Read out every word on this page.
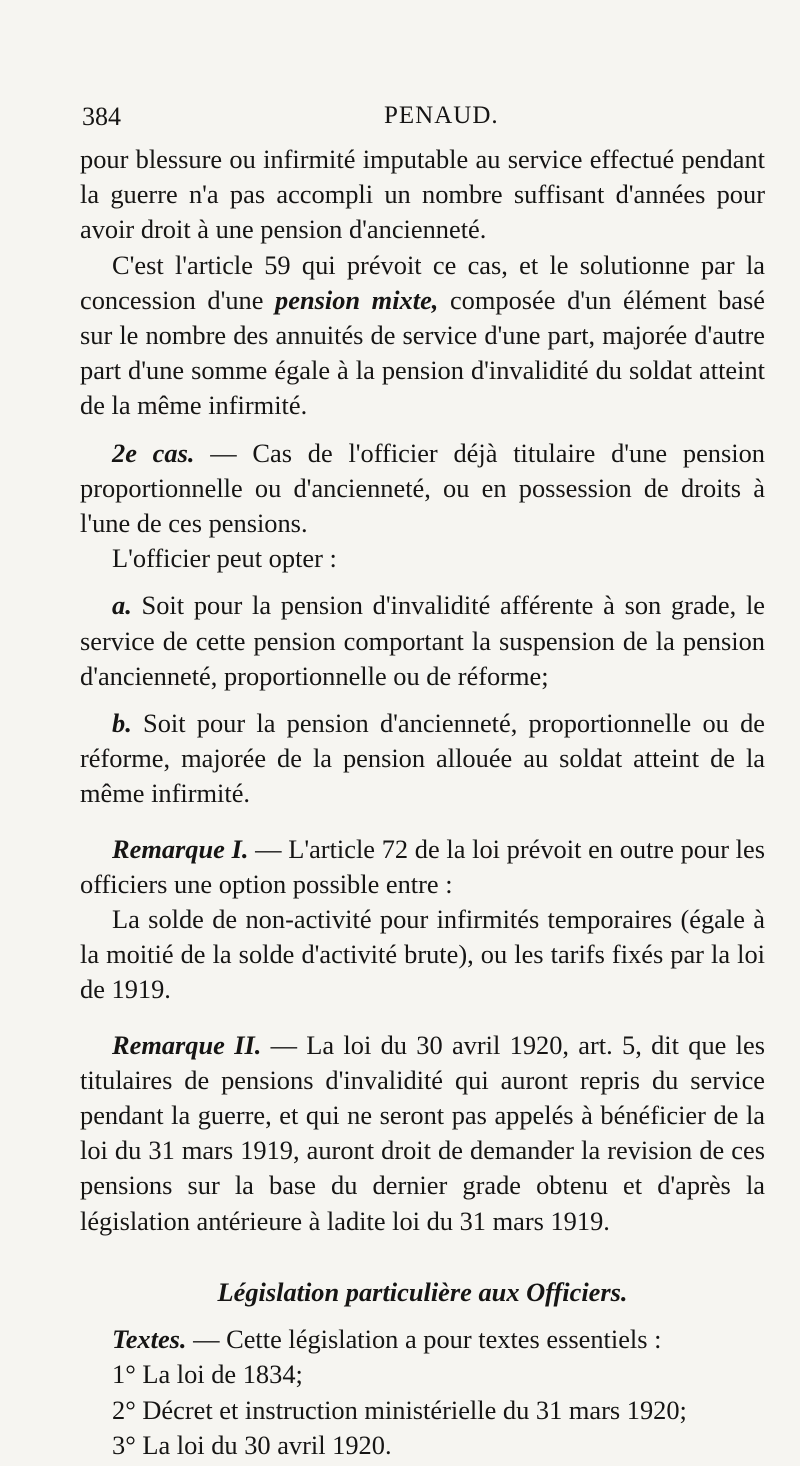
384	PENAUD.

pour blessure ou infirmité imputable au service effectué pendant la guerre n'a pas accompli un nombre suffisant d'années pour avoir droit à une pension d'ancienneté.

C'est l'article 59 qui prévoit ce cas, et le solutionne par la concession d'une pension mixte, composée d'un élément basé sur le nombre des annuités de service d'une part, majorée d'autre part d'une somme égale à la pension d'invalidité du soldat atteint de la même infirmité.

2e cas. — Cas de l'officier déjà titulaire d'une pension proportionnelle ou d'ancienneté, ou en possession de droits à l'une de ces pensions.

L'officier peut opter :

a. Soit pour la pension d'invalidité afférente à son grade, le service de cette pension comportant la suspension de la pension d'ancienneté, proportionnelle ou de réforme;

b. Soit pour la pension d'ancienneté, proportionnelle ou de réforme, majorée de la pension allouée au soldat atteint de la même infirmité.

Remarque I. — L'article 72 de la loi prévoit en outre pour les officiers une option possible entre :

La solde de non-activité pour infirmités temporaires (égale à la moitié de la solde d'activité brute), ou les tarifs fixés par la loi de 1919.

Remarque II. — La loi du 30 avril 1920, art. 5, dit que les titulaires de pensions d'invalidité qui auront repris du service pendant la guerre, et qui ne seront pas appelés à bénéficier de la loi du 31 mars 1919, auront droit de demander la revision de ces pensions sur la base du dernier grade obtenu et d'après la législation antérieure à ladite loi du 31 mars 1919.

Législation particulière aux Officiers.

Textes. — Cette législation a pour textes essentiels :

1° La loi de 1834;

2° Décret et instruction ministérielle du 31 mars 1920;

3° La loi du 30 avril 1920.
